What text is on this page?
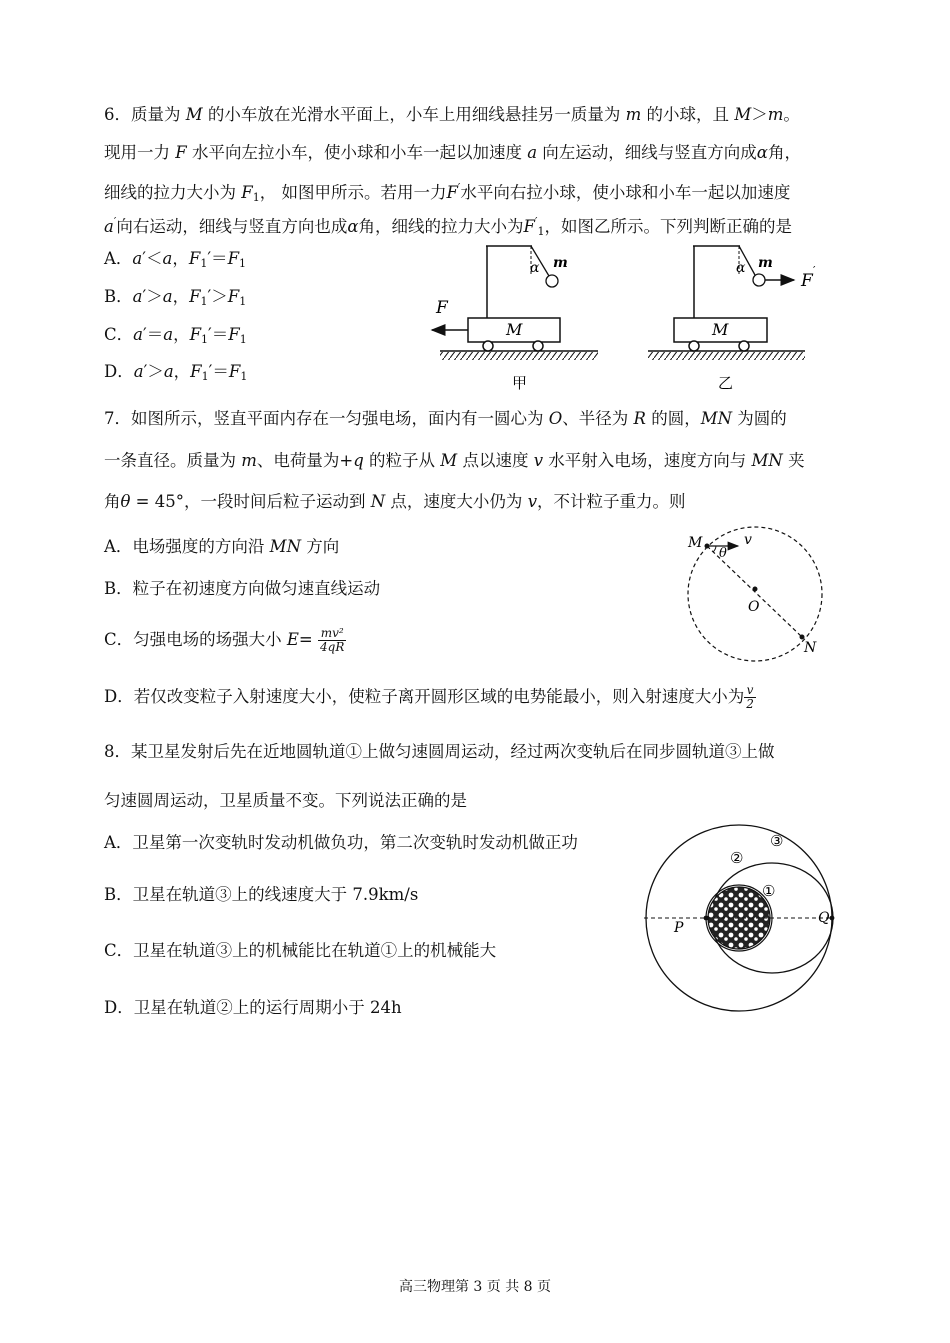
6．质量为 M 的小车放在光滑水平面上，小车上用细线悬挂另一质量为 m 的小球，且 M＞m。
现用一力 F 水平向左拉小车，使小球和小车一起以加速度 a 向左运动，细线与竖直方向成α角，
细线的拉力大小为 $F_1$， 如图甲所示。若用一力F′水平向右拉小球，使小球和小车一起以加速度
a′向右运动，细线与竖直方向也成α角，细线的拉力大小为$F'_1$，如图乙所示。下列判断正确的是
A．a′＜a，$F_1'=F_1$
B．a′＞a，$F_1'>F_1$
C．a′＝a，$F_1'=F_1$
D．a′＞a，$F_1'=F_1$
α m
M
F
甲
α m
M
F
′
乙
7．如图所示，竖直平面内存在一匀强电场，面内有一圆心为 O、半径为 R 的圆，MN 为圆的
一条直径。质量为 m、电荷量为+q 的粒子从 M 点以速度 v 水平射入电场，速度方向与 MN 夹
角θ = 45°，一段时间后粒子运动到 N 点，速度大小仍为 v，不计粒子重力。则
A．电场强度的方向沿 MN 方向
B．粒子在初速度方向做匀速直线运动
C．匀强电场的场强大小 $E= \frac{\text{mv²}}{4qR}$
D．若仅改变粒子入射速度大小，使粒子离开圆形区域的电势能最小，则入射速度大小为 $\frac{v}{2}$
M	v
θ
O
N
8．某卫星发射后先在近地圆轨道①上做匀速圆周运动，经过两次变轨后在同步圆轨道③上做
匀速圆周运动，卫星质量不变。下列说法正确的是
A．卫星第一次变轨时发动机做负功，第二次变轨时发动机做正功
B．卫星在轨道③上的线速度大于 7.9km/s
C．卫星在轨道③上的机械能比在轨道①上的机械能大
D．卫星在轨道②上的运行周期小于 24h
③
②
①
P
Q
高三物理第 3 页 共 8 页
